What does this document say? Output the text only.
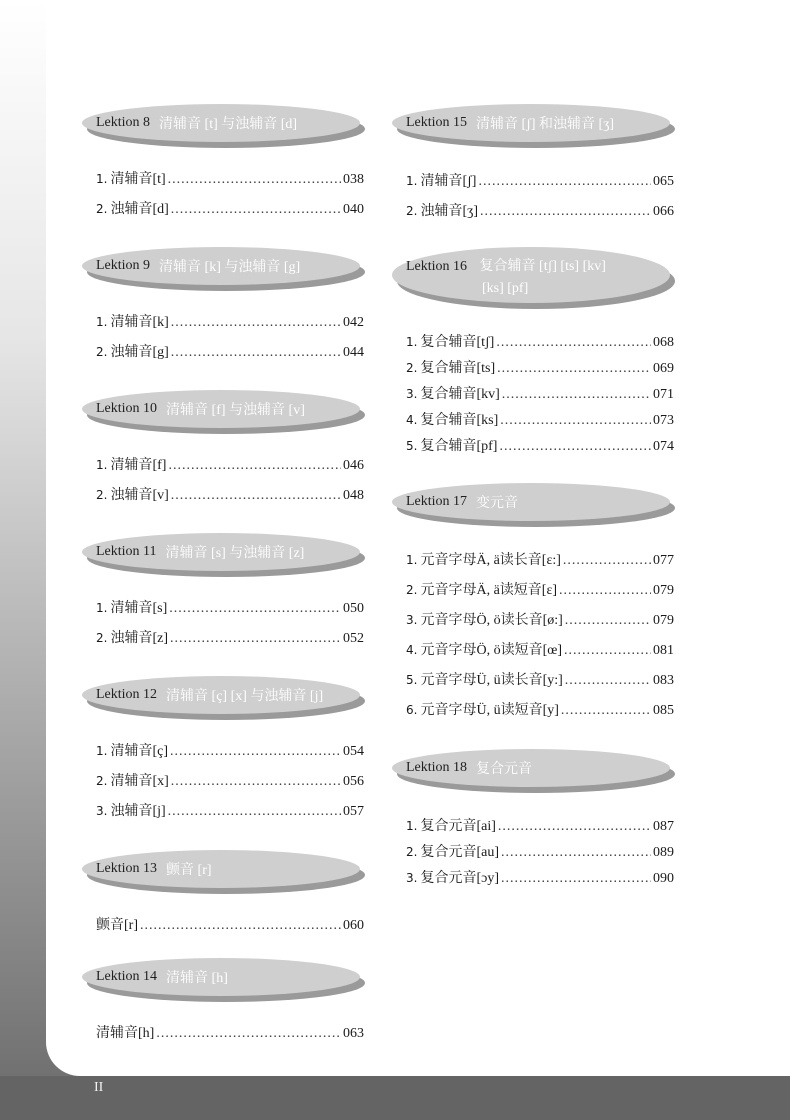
II
Lektion 8 清辅音 [t] 与浊辅音 [d]
1. 清辅音[t] .....	038
2. 浊辅音[d] .....	040
Lektion 9 清辅音 [k] 与浊辅音 [g]
1. 清辅音[k] .....	042
2. 浊辅音[g] .....	044
Lektion 10 清辅音 [f] 与浊辅音 [v]
1. 清辅音[f] .....	046
2. 浊辅音[v] .....	048
Lektion 11 清辅音 [s] 与浊辅音 [z]
1. 清辅音[s] .....	050
2. 浊辅音[z] .....	052
Lektion 12 清辅音 [ç] [x] 与浊辅音 [j]
1. 清辅音[ç] .....	054
2. 清辅音[x] .....	056
3. 浊辅音[j] .....	057
Lektion 13 颤音 [r]
颤音[r] .....	060
Lektion 14 清辅音 [h]
清辅音[h] .....	063
Lektion 15 清辅音 [ʃ] 和浊辅音 [ʒ]
1. 清辅音[ʃ] .....	065
2. 浊辅音[ʒ] .....	066
Lektion 16 复合辅音 [tʃ] [ts] [kv]
[ks] [pf]
1. 复合辅音[tʃ] .....	068
2. 复合辅音[ts] .....	069
3. 复合辅音[kv] .....	071
4. 复合辅音[ks] .....	073
5. 复合辅音[pf] .....	074
Lektion 17 变元音
1. 元音字母Ä, ä读长音[ɛ:] .....	077
2. 元音字母Ä, ä读短音[ɛ] .....	079
3. 元音字母Ö, ö读长音[ø:] .....	079
4. 元音字母Ö, ö读短音[œ] .....	081
5. 元音字母Ü, ü读长音[y:] .....	083
6. 元音字母Ü, ü读短音[y] .....	085
Lektion 18 复合元音
1. 复合元音[ai] .....	087
2. 复合元音[au] .....	089
3. 复合元音[ɔy] .....	090
